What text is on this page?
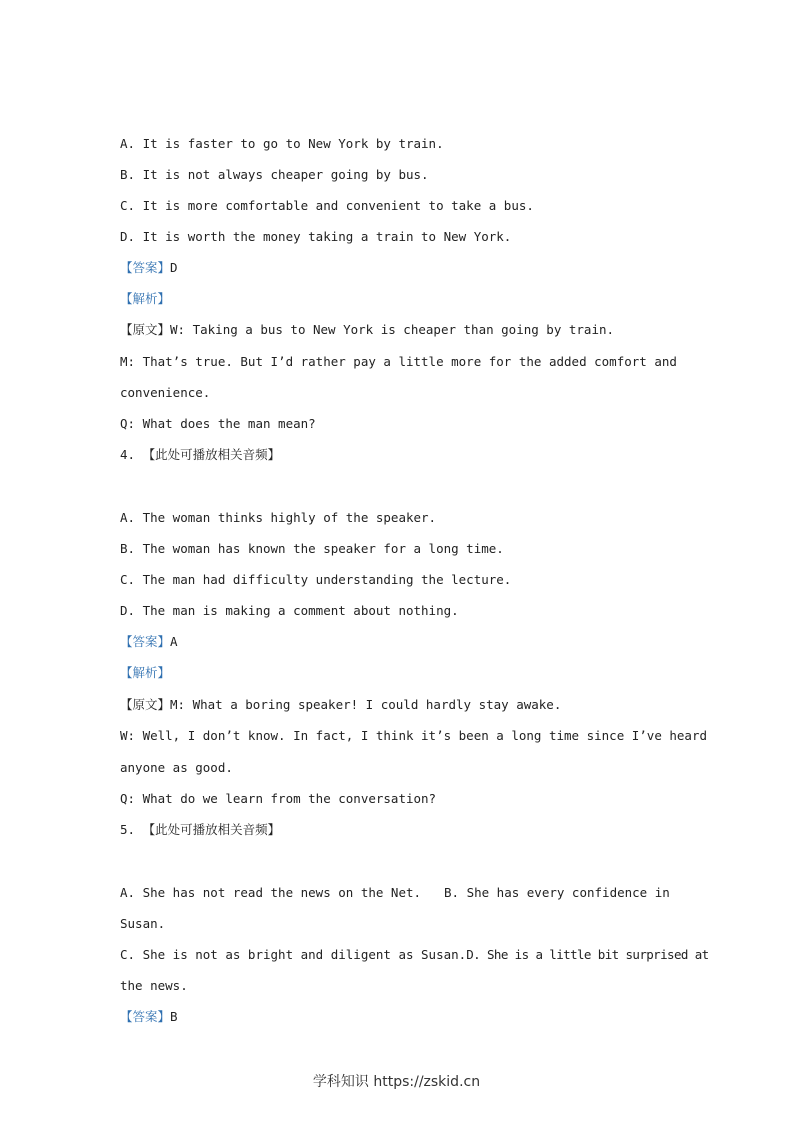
A. It is faster to go to New York by train.
B. It is not always cheaper going by bus.
C. It is more comfortable and convenient to take a bus.
D. It is worth the money taking a train to New York.
【答案】D
【解析】
【原文】W: Taking a bus to New York is cheaper than going by train.
M: That’s true. But I’d rather pay a little more for the added comfort and
convenience.
Q: What does the man mean?
4. 【此处可播放相关音频】
A. The woman thinks highly of the speaker.
B. The woman has known the speaker for a long time.
C. The man had difficulty understanding the lecture.
D. The man is making a comment about nothing.
【答案】A
【解析】
【原文】M: What a boring speaker! I could hardly stay awake.
W: Well, I don’t know. In fact, I think it’s been a long time since I’ve heard
anyone as good.
Q: What do we learn from the conversation?
5. 【此处可播放相关音频】
A. She has not read the news on the Net. B. She has every confidence in
Susan.
C. She is not as bright and diligent as Susan.D. She is a little bit surprised at
the news.
【答案】B
学科知识 https://zskid.cn
